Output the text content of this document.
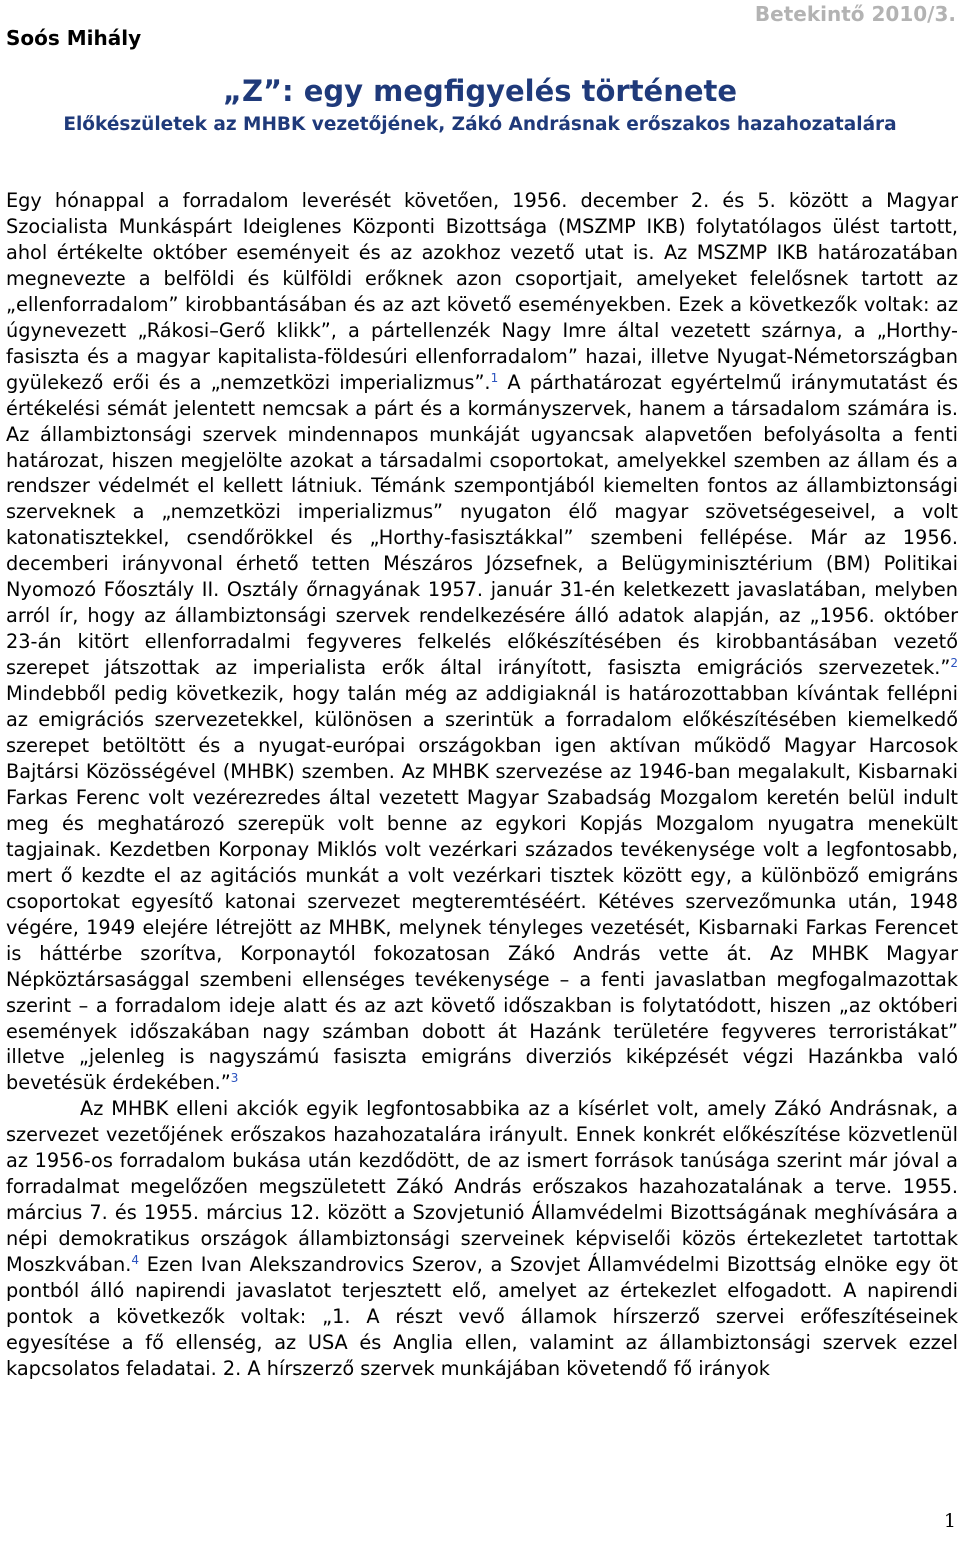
Soós Mihály
Betekintő 2010/3.
„Z”: egy megfigyelés története
Előkészületek az MHBK vezetőjének, Zákó Andrásnak erőszakos hazahozatalára

Egy hónappal a forradalom leverését követően, 1956. december 2. és 5. között a Magyar Szocialista Munkáspárt Ideiglenes Központi Bizottsága (MSZMP IKB) folytatólagos ülést tartott, ahol értékelte október eseményeit és az azokhoz vezető utat is. Az MSZMP IKB határozatában megnevezte a belföldi és külföldi erőknek azon csoportjait, amelyeket felelősnek tartott az „ellenforradalom” kirobbantásában és az azt követő eseményekben. Ezek a következők voltak: az úgynevezett „Rákosi–Gerő klikk”, a pártellenzék Nagy Imre által vezetett szárnya, a „Horthy-fasiszta és a magyar kapitalista-földesúri ellenforradalom” hazai, illetve Nyugat-Németországban gyülekező erői és a „nemzetközi imperializmus”.$^1$ A párthatározat egyértelmű iránymutatást és értékelési sémát jelentett nemcsak a párt és a kormányszervek, hanem a társadalom számára is. Az állambiztonsági szervek mindennapos munkáját ugyancsak alapvetően befolyásolta a fenti határozat, hiszen megjelölte azokat a társadalmi csoportokat, amelyekkel szemben az állam és a rendszer védelmét el kellett látniuk. Témánk szempontjából kiemelten fontos az állambiztonsági szerveknek a „nemzetközi imperializmus” nyugaton élő magyar szövetségeseivel, a volt katonatisztekkel, csendőrökkel és „Horthy-fasisztákkal” szembeni fellépése. Már az 1956. decemberi irányvonal érhető tetten Mészáros Józsefnek, a Belügyminisztérium (BM) Politikai Nyomozó Főosztály II. Osztály őrnagyának 1957. január 31-én keletkezett javaslatában, melyben arról ír, hogy az állambiztonsági szervek rendelkezésére álló adatok alapján, az „1956. október 23-án kitört ellenforradalmi fegyveres felkelés előkészítésében és kirobbantásában vezető szerepet játszottak az imperialista erők által irányított, fasiszta emigrációs szervezetek.”$^2$ Mindebből pedig következik, hogy talán még az addigiaknál is határozottabban kívántak fellépni az emigrációs szervezetekkel, különösen a szerintük a forradalom előkészítésében kiemelkedő szerepet betöltött és a nyugat-európai országokban igen aktívan működő Magyar Harcosok Bajtársi Közösségével (MHBK) szemben. Az MHBK szervezése az 1946-ban megalakult, Kisbarnaki Farkas Ferenc volt vezérezredes által vezetett Magyar Szabadság Mozgalom keretén belül indult meg és meghatározó szerepük volt benne az egykori Kopjás Mozgalom nyugatra menekült tagjainak. Kezdetben Korponay Miklós volt vezérkari százados tevékenysége volt a legfontosabb, mert ő kezdte el az agitációs munkát a volt vezérkari tisztek között egy, a különböző emigráns csoportokat egyesítő katonai szervezet megteremtéséért. Kétéves szervezőmunka után, 1948 végére, 1949 elejére létrejött az MHBK, melynek tényleges vezetését, Kisbarnaki Farkas Ferencet is háttérbe szorítva, Korponaytól fokozatosan Zákó András vette át. Az MHBK Magyar Népköztársasággal szembeni ellenséges tevékenysége – a fenti javaslatban megfogalmazottak szerint – a forradalom ideje alatt és az azt követő időszakban is folytatódott, hiszen „az októberi események időszakában nagy számban dobott át Hazánk területére fegyveres terroristákat” illetve „jelenleg is nagyszámú fasiszta emigráns diverziós kiképzését végzi Hazánkba való bevetésük érdekében.”$^3$

Az MHBK elleni akciók egyik legfontosabbika az a kísérlet volt, amely Zákó Andrásnak, a szervezet vezetőjének erőszakos hazahozatalára irányult. Ennek konkrét előkészítése közvetlenül az 1956-os forradalom bukása után kezdődött, de az ismert források tanúsága szerint már jóval a forradalmat megelőzően megszületett Zákó András erőszakos hazahozatalának a terve. 1955. március 7. és 1955. március 12. között a Szovjetunió Államvédelmi Bizottságának meghívására a népi demokratikus országok állambiztonsági szerveinek képviselői közös értekezletet tartottak Moszkvában.$^4$ Ezen Ivan Alekszandrovics Szerov, a Szovjet Államvédelmi Bizottság elnöke egy öt pontból álló napirendi javaslatot terjesztett elő, amelyet az értekezlet elfogadott. A napirendi pontok a következők voltak: „1. A részt vevő államok hírszerző szervei erőfeszítéseinek egyesítése a fő ellenség, az USA és Anglia ellen, valamint az állambiztonsági szervek ezzel kapcsolatos feladatai. 2. A hírszerző szervek munkájában követendő fő irányok

1
